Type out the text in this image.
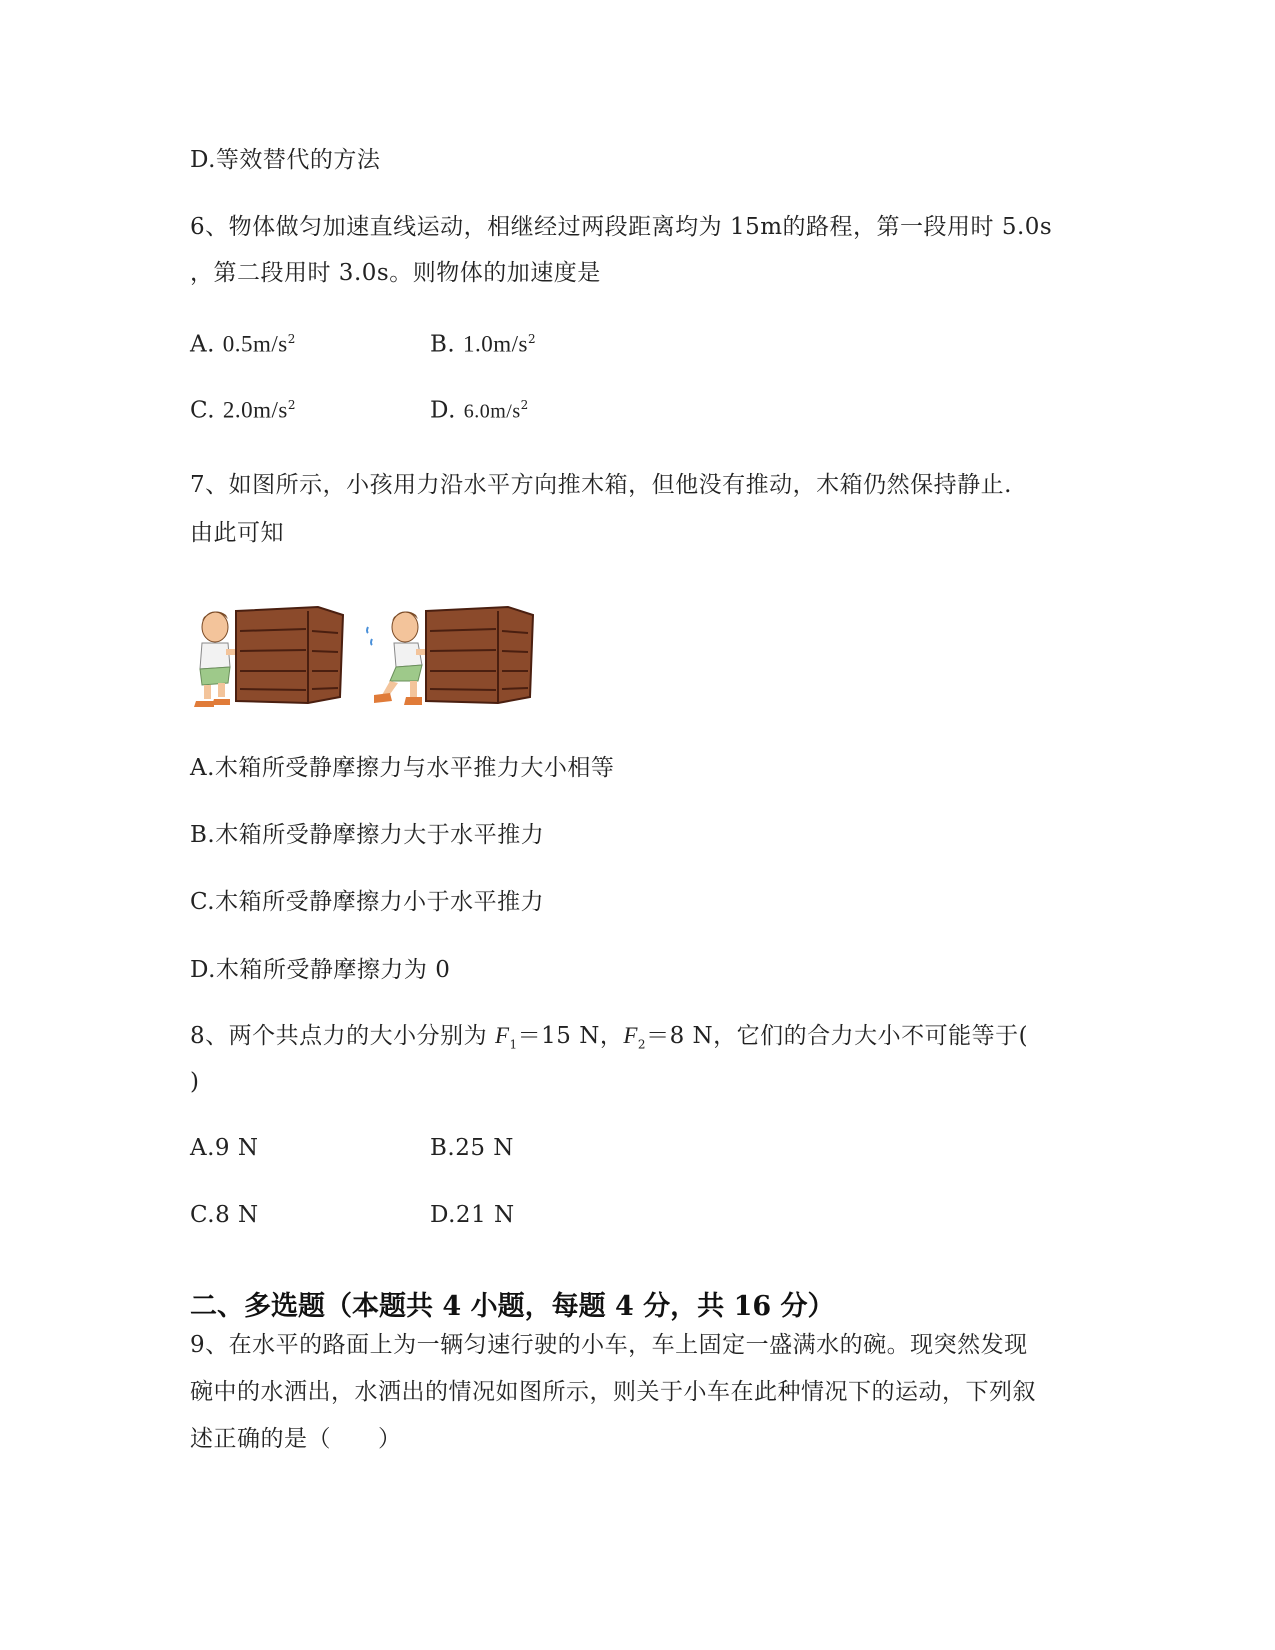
D.等效替代的方法
6、物体做匀加速直线运动，相继经过两段距离均为 15m的路程，第一段用时 5.0s
，第二段用时 3.0s。则物体的加速度是
A. $0.5m/s^2$	B. $1.0m/s^2$
C. $2.0m/s^2$	D. $6.0m/s^2$
7、如图所示，小孩用力沿水平方向推木箱，但他没有推动，木箱仍然保持静止.
由此可知
A.木箱所受静摩擦力与水平推力大小相等
B.木箱所受静摩擦力大于水平推力
C.木箱所受静摩擦力小于水平推力
D.木箱所受静摩擦力为 0
8、两个共点力的大小分别为 $F_1=15$ N，$F_2=8$ N，它们的合力大小不可能等于(
)
A.9 N	B.25 N
C.8 N	D.21 N
二、多选题（本题共 4 小题，每题 4 分，共 16 分）
9、在水平的路面上为一辆匀速行驶的小车，车上固定一盛满水的碗。现突然发现
碗中的水洒出，水洒出的情况如图所示，则关于小车在此种情况下的运动，下列叙
述正确的是（　　）
